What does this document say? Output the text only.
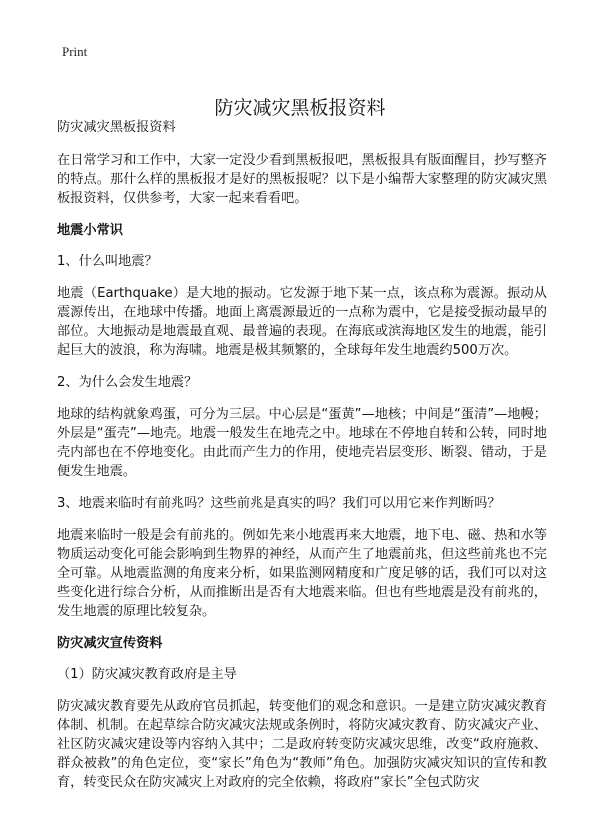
Print
防灾减灾黑板报资料

防灾减灾黑板报资料

在日常学习和工作中，大家一定没少看到黑板报吧，黑板报具有版面醒目，抄写整齐的特点。那什么样的黑板报才是好的黑板报呢？以下是小编帮大家整理的防灾减灾黑板报资料，仅供参考，大家一起来看看吧。

地震小常识

1、什么叫地震？

地震（Earthquake）是大地的振动。它发源于地下某一点，该点称为震源。振动从震源传出，在地球中传播。地面上离震源最近的一点称为震中，它是接受振动最早的部位。大地振动是地震最直观、最普遍的表现。在海底或滨海地区发生的地震，能引起巨大的波浪，称为海啸。地震是极其频繁的，全球每年发生地震约500万次。

2、为什么会发生地震？

地球的结构就象鸡蛋，可分为三层。中心层是“蛋黄”—地核；中间是“蛋清”—地幔；外层是“蛋壳”—地壳。地震一般发生在地壳之中。地球在不停地自转和公转，同时地壳内部也在不停地变化。由此而产生力的作用，使地壳岩层变形、断裂、错动，于是便发生地震。

3、地震来临时有前兆吗？这些前兆是真实的吗？我们可以用它来作判断吗？

地震来临时一般是会有前兆的。例如先来小地震再来大地震，地下电、磁、热和水等物质运动变化可能会影响到生物界的神经，从而产生了地震前兆，但这些前兆也不完全可靠。从地震监测的角度来分析，如果监测网精度和广度足够的话，我们可以对这些变化进行综合分析，从而推断出是否有大地震来临。但也有些地震是没有前兆的，发生地震的原理比较复杂。

防灾减灾宣传资料

（1）防灾减灾教育政府是主导

防灾减灾教育要先从政府官员抓起，转变他们的观念和意识。一是建立防灾减灾教育体制、机制。在起草综合防灾减灾法规或条例时，将防灾减灾教育、防灾减灾产业、社区防灾减灾建设等内容纳入其中；二是政府转变防灾减灾思维，改变“政府施救、群众被救”的角色定位，变“家长”角色为“教师”角色。加强防灾减灾知识的宣传和教育，转变民众在防灾减灾上对政府的完全依赖，将政府“家长”全包式防灾
